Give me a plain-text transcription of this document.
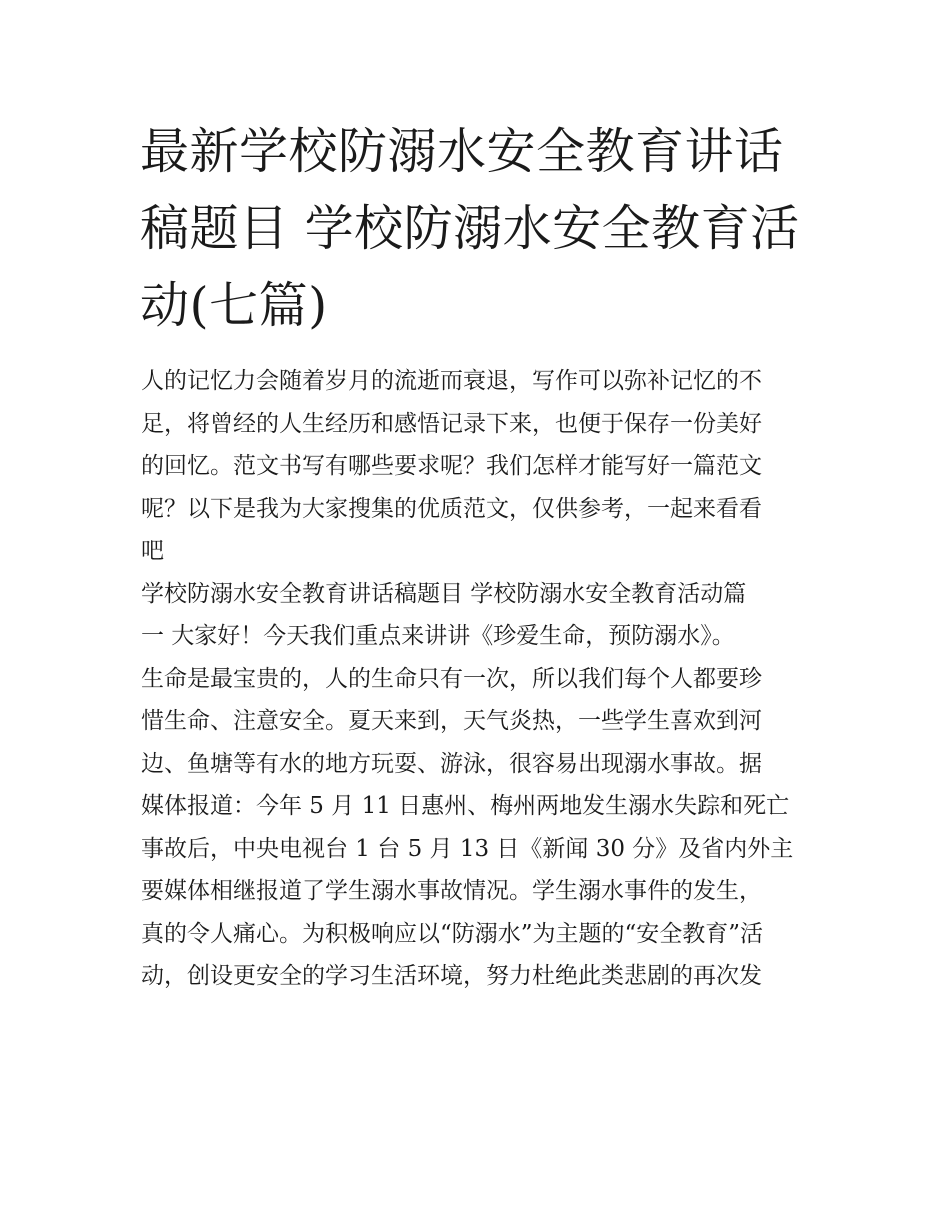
最新学校防溺水安全教育讲话
稿题目 学校防溺水安全教育活
动(七篇)
人的记忆力会随着岁月的流逝而衰退，写作可以弥补记忆的不
足，将曾经的人生经历和感悟记录下来，也便于保存一份美好
的回忆。范文书写有哪些要求呢？我们怎样才能写好一篇范文
呢？以下是我为大家搜集的优质范文，仅供参考，一起来看看
吧
学校防溺水安全教育讲话稿题目 学校防溺水安全教育活动篇
一 大家好！今天我们重点来讲讲《珍爱生命，预防溺水》。
生命是最宝贵的，人的生命只有一次，所以我们每个人都要珍
惜生命、注意安全。夏天来到，天气炎热，一些学生喜欢到河
边、鱼塘等有水的地方玩耍、游泳，很容易出现溺水事故。据
媒体报道：今年 5 月 11 日惠州、梅州两地发生溺水失踪和死亡
事故后，中央电视台 1 台 5 月 13 日《新闻 30 分》及省内外主
要媒体相继报道了学生溺水事故情况。学生溺水事件的发生，
真的令人痛心。为积极响应以“防溺水”为主题的“安全教育”活
动，创设更安全的学习生活环境，努力杜绝此类悲剧的再次发
